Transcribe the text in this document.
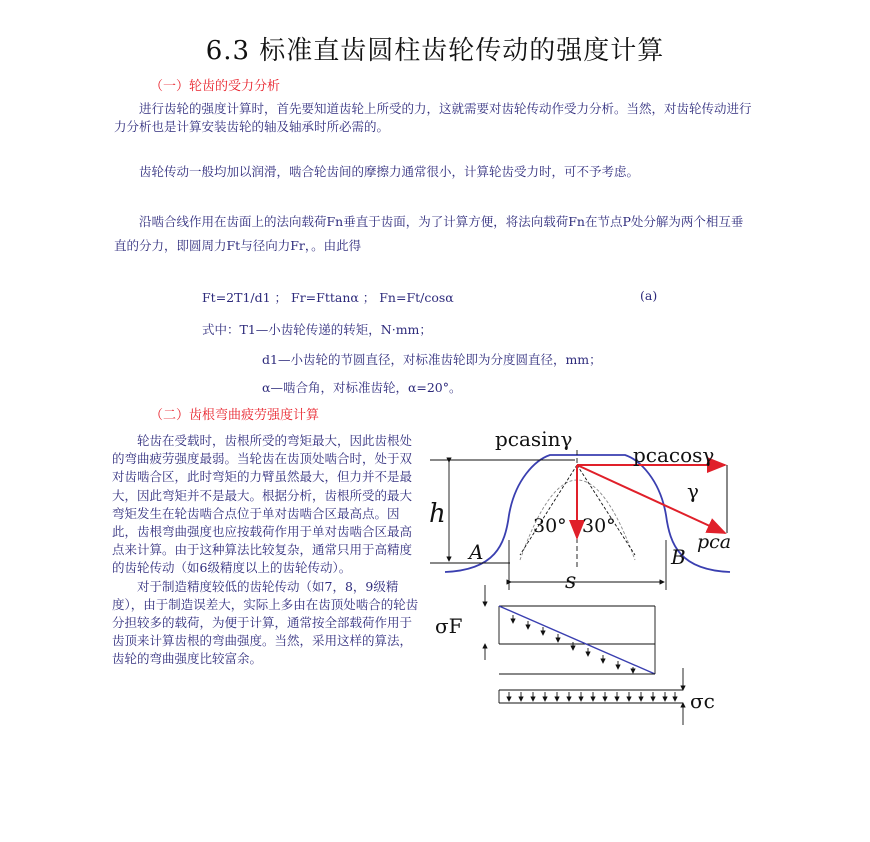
6.3 标准直齿圆柱齿轮传动的强度计算
（一）轮齿的受力分析
进行齿轮的强度计算时，首先要知道齿轮上所受的力，这就需要对齿轮传动作受力分析。当然，对齿轮传动进行力分析也是计算安装齿轮的轴及轴承时所必需的。
齿轮传动一般均加以润滑，啮合轮齿间的摩擦力通常很小，计算轮齿受力时，可不予考虑。
沿啮合线作用在齿面上的法向载荷Fn垂直于齿面，为了计算方便，将法向载荷Fn在节点P处分解为两个相互垂直的分力，即圆周力Ft与径向力Fr，。由此得
Ft=2T1/d1 ； Fr=Fttanα ； Fn=Ft/cosα	(a)
式中：T1—小齿轮传递的转矩，N·mm；
d1—小齿轮的节圆直径，对标准齿轮即为分度圆直径，mm；
α—啮合角，对标准齿轮，α=20°。
（二）齿根弯曲疲劳强度计算
轮齿在受载时，齿根所受的弯矩最大，因此齿根处的弯曲疲劳强度最弱。当轮齿在齿顶处啮合时，处于双对齿啮合区，此时弯矩的力臂虽然最大，但力并不是最大，因此弯矩并不是最大。根据分析，齿根所受的最大弯矩发生在轮齿啮合点位于单对齿啮合区最高点。因此，齿根弯曲强度也应按载荷作用于单对齿啮合区最高点来计算。由于这种算法比较复杂，通常只用于高精度的齿轮传动（如6级精度以上的齿轮传动）。
对于制造精度较低的齿轮传动（如7，8，9级精度），由于制造误差大，实际上多由在齿顶处啮合的轮齿分担较多的载荷，为便于计算，通常按全部载荷作用于齿顶来计算齿根的弯曲强度。当然，采用这样的算法，齿轮的弯曲强度比较富余。
pcasinγ
pcacosγ
γ
h	30° 30°
pca
A	B
s
σF
σc
